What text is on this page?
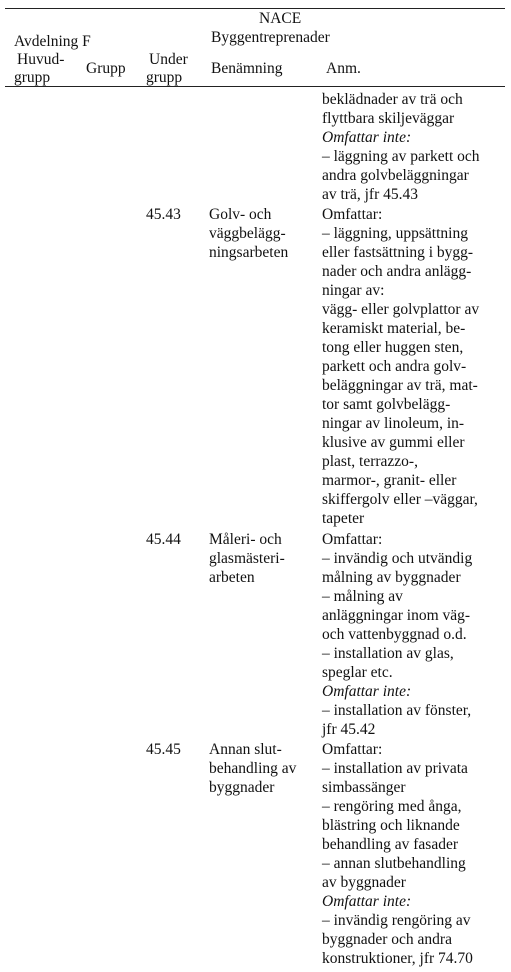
NACE
Avdelning F	Byggentreprenader
Huvud-
grupp
Grupp
Under
grupp
Benämning	Anm.
beklädnader av trä och
flyttbara skiljeväggar
Omfattar inte:
– läggning av parkett och
andra golvbeläggningar
av trä, jfr 45.43
45.43 Golv- och
väggbelägg-
ningsarbeten
Omfattar:
– läggning, uppsättning
eller fastsättning i bygg-
nader och andra anlägg-
ningar av:
vägg- eller golvplattor av
keramiskt material, be-
tong eller huggen sten,
parkett och andra golv-
beläggningar av trä, mat-
tor samt golvbelägg-
ningar av linoleum, in-
klusive av gummi eller
plast, terrazzo-,
marmor-, granit- eller
skiffergolv eller –väggar,
tapeter
45.44 Måleri- och
glasmästeri-
arbeten
Omfattar:
– invändig och utvändig
målning av byggnader
– målning av
anläggningar inom väg-
och vattenbyggnad o.d.
– installation av glas,
speglar etc.
Omfattar inte:
– installation av fönster,
jfr 45.42
45.45 Annan slut-
behandling av
byggnader
Omfattar:
– installation av privata
simbassänger
– rengöring med ånga,
blästring och liknande
behandling av fasader
– annan slutbehandling
av byggnader
Omfattar inte:
– invändig rengöring av
byggnader och andra
konstruktioner, jfr 74.70
